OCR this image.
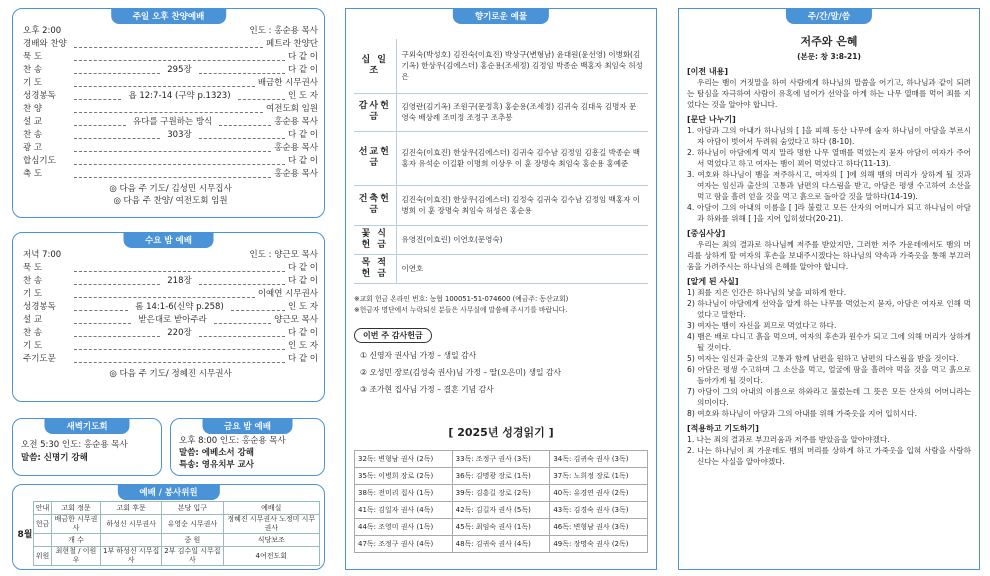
주일 오후 찬양예배
오후 2:00	인도 : 홍순용 목사
경배와 찬양	페트라 찬양단
묵 도	다 같 이
찬 송	295장	다 같 이
기 도	배금한 시무권사
성경봉독	욥 12:7-14 (구약 p.1323)	인 도 자
찬 양	여전도회 임원
설 교	유다를 구원하는 방식	홍순용 목사
찬 송	303장	다 같 이
광 고	홍순용 목사
합심기도	다 같 이
축 도	홍순용 목사
◎ 다음 주 기도/ 김성민 시무집사
◎ 다음 주 찬양/ 여전도회 임원
수요 밤 예배
저녁 7:00	인도 : 양근모 목사
묵 도	다 같 이
찬 송	218장	다 같 이
기 도	이예연 시무권사
성경봉독	롬 14:1-6(신약 p.258)	인 도 자
설 교	받은대로 받아주라	양근모 목사
찬 송	220장	다 같 이
기 도	인 도 자
주기도문	다 같 이
◎ 다음 주 기도/ 정혜진 시무권사
새벽기도회
오전 5:30 인도: 홍순용 목사
말씀: 신명기 강해
금요 밤 예배
오후 8:00 인도: 홍순용 목사
말씀: 에베소서 강해
특송: 영유치부 교사
예배 / 봉사위원
8월
안내	고회 정문	고회 후문	본당 입구	예배실
헌금	배금한 시무권사	하성신 시무권사	유영순 시무권사	정혜진 시무권사 노정미 시무권사
	개 수		중 원	식당보조
위원	최현철 / 이원우	1부 하성신 시무집사	2부 김수일 시무집사	4여전도회
향기로운 예물
십 일 조	구외숙(박성호) 김진숙(이효진) 박상구(변형남) 윤대원(윤선영) 이병화(김기옥) 한상우(김에스더) 홍순용(조세정) 김정임 박종순 백홍자 최임숙 허성은
감사헌금	김영란(김기옥) 조원구(문정혹) 홍순용(조세정) 김귀숙 김대욱 김명자 문영숙 배상례 조미정 조정구 조추봉
선교헌금	김진숙(이효진) 한상우(김에스더) 김귀숙 김수남 김정임 김흥길 박종순 백홍자 유석순 이길환 이명희 이상우 이 훈 장명숙 최임숙 홍순용 홍예준
건축헌금	김진숙(이효진) 한상우(김에스더) 김정숙 김귀숙 김수남 김정임 백홍자 이병희 이 훈 장명숙 최임숙 허성은 홍순용
꽃 식 헌 금	유영진(이효린) 이연호(문영숙)
목 적 헌 금	이연호
※교회 헌금 온라인 번호: 농협 100051-51-074600 (예금주: 동산교회)
※헌금자 명단에서 누락되신 분들은 사무실에 말씀해 주시기를 바랍니다.
이번 주 감사헌금
① 신영자 권사님 가정 – 생일 감사
② 오성민 장로(김성숙 권사)님 가정 – 딸(오은미) 생일 감사
③ 조가현 집사님 가정 – 결혼 기념 감사
[ 2025년 성경읽기 ]
32독: 변형남 권사 (2독)	33독: 조정구 권사 (3독)	34독: 김귀숙 권사 (3독)
35독: 이병희 장로 (2독)	36독: 김명광 장로 (1독)	37독: 노희정 장로 (1독)
38독: 전미리 집사 (1독)	39독: 김흥길 장로 (2독)	40독: 유경연 권사 (2독)
41독: 김일자 권사 (4독)	42독: 김길자 권사 (5독)	43독: 김경숙 권사 (3독)
44독: 조영미 권사 (1독)	45독: 최임숙 권사 (1독)	46독: 변형남 권사 (3독)
47독: 조정구 권사 (4독)	48독: 김귀숙 권사 (4독)	49독: 장명숙 권사 (2독)
주/간/말/씀
저주와 은혜
(본문: 창 3:8-21)
[이전 내용]
우리는 뱀이 거짓말을 하여 사람에게 하나님의 말씀을 어기고, 하나님과 같이 되려는 탐심을 자극하여 사람이 유혹에 넘어가 선악을 아게 하는 나무 열매를 먹어 죄를 지었다는 것을 알아야 합니다.
[문단 나누기]
1. 아담과 그의 아내가 하나님의 [ ]을 피해 동산 나무에 숨자 하나님이 아담을 부르시자 아담이 벗어서 두려워 숨었다고 하다 (8-10).
2. 하나님이 아담에게 먹지 말라 명한 나무 열매를 먹었는지 묻자 아담이 여자가 주어서 먹었다고 하고 여자는 뱀이 꾀어 먹었다고 하다(11-13).
3. 여호와 하나님이 뱀을 저주하시고, 여자의 [ ]에 의해 뱀의 머리가 상하게 될 것과 여자는 임신과 출산의 고통과 남편의 다스림을 받고, 아담은 평생 수고하여 소산을 먹고 땀을 흘려 얻을 것을 먹고 흙으로 돌아갈 것을 말하다(14-19).
4. 아담이 그의 아내의 이름을 [ ]라 불렀고 모든 산자의 어머니가 되고 하나님이 아담과 하와를 위해 [ ]을 지어 입히셨다(20-21).
[중심사상]
우리는 죄의 결과로 하나님께 저주를 받았지만, 그러한 저주 가운데에서도 뱀의 머리를 상하게 할 여자의 후손을 보내주시겠다는 하나님의 약속과 가죽옷을 통해 부끄러움을 가려주시는 하나님의 은혜를 알아야 합니다.
[알게 된 사실]
1) 죄를 지은 인간은 하나님의 낯을 피하게 한다.
2) 하나님이 아담에게 선악을 알게 하는 나무를 먹었는지 묻자, 아담은 여자로 인해 먹었다고 말한다.
3) 여자는 뱀이 자신을 꾀므로 먹었다고 하다.
4) 뱀은 배로 다니고 흙을 먹으며, 여자의 후손과 원수가 되고 그에 의해 머리가 상하게 될 것이다.
5) 여자는 임신과 출산의 고통과 함께 남편을 원하고 남편의 다스림을 받을 것이다.
6) 아담은 평생 수고하며 그 소산을 먹고, 얼굴에 땀을 흘려야 먹을 것을 먹고 흙으로 돌아가게 될 것이다.
7) 아담이 그의 아내의 이름으로 하와라고 불렀는데 그 뜻은 모든 산자의 어머니라는 의미이다.
8) 여호와 하나님이 아담과 그의 아내를 위해 가죽옷을 지어 입히시다.
[적용하고 기도하기]
1. 나는 죄의 결과로 부끄러움과 저주를 받았음을 알아야겠다.
2. 나는 하나님이 죄 가운데도 뱀의 머리를 상하게 하고 가죽옷을 입혀 사람을 사랑하신다는 사실을 알아야겠다.
